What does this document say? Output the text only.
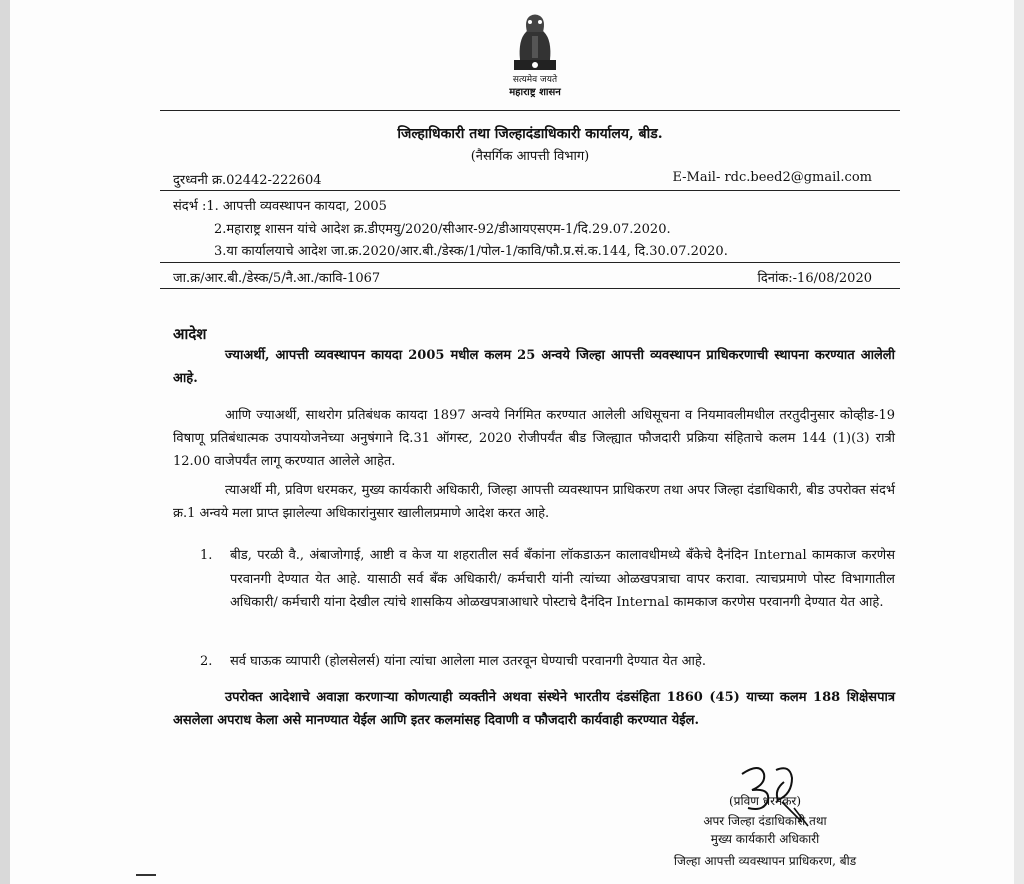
सत्यमेव जयते
महाराष्ट्र शासन
जिल्हाधिकारी तथा जिल्हादंडाधिकारी कार्यालय, बीड.
(नैसर्गिक आपत्ती विभाग)
दुरध्वनी क्र.02442-222604	E-Mail- rdc.beed2@gmail.com
संदर्भ :1. आपत्ती व्यवस्थापन कायदा, 2005
2.महाराष्ट्र शासन यांचे आदेश क्र.डीएमयु/2020/सीआर-92/डीआयएसएम-1/दि.29.07.2020.
3.या कार्यालयाचे आदेश जा.क्र.2020/आर.बी./डेस्क/1/पोल-1/कावि/फौ.प्र.सं.क.144, दि.30.07.2020.
जा.क्र/आर.बी./डेस्क/5/नै.आ./कावि-1067	दिनांक:-16/08/2020
आदेश
ज्याअर्थी, आपत्ती व्यवस्थापन कायदा 2005 मधील कलम 25 अन्वये जिल्हा आपत्ती व्यवस्थापन प्राधिकरणाची स्थापना करण्यात आलेली आहे.
आणि ज्याअर्थी, साथरोग प्रतिबंधक कायदा 1897 अन्वये निर्गमित करण्यात आलेली अधिसूचना व नियमावलीमधील तरतुदीनुसार कोव्हीड-19 विषाणू प्रतिबंधात्मक उपाययोजनेच्या अनुषंगाने दि.31 ऑगस्ट, 2020 रोजीपर्यंत बीड जिल्ह्यात फौजदारी प्रक्रिया संहिताचे कलम 144 (1)(3) रात्री 12.00 वाजेपर्यंत लागू करण्यात आलेले आहेत.
त्याअर्थी मी, प्रविण धरमकर, मुख्य कार्यकारी अधिकारी, जिल्हा आपत्ती व्यवस्थापन प्राधिकरण तथा अपर जिल्हा दंडाधिकारी, बीड उपरोक्त संदर्भ क्र.1 अन्वये मला प्राप्त झालेल्या अधिकारांनुसार खालीलप्रमाणे आदेश करत आहे.
1. बीड, परळी वै., अंबाजोगाई, आष्टी व केज या शहरातील सर्व बँकांना लॉकडाऊन कालावधीमध्ये बँकेचे दैनंदिन Internal कामकाज करणेस परवानगी देण्यात येत आहे. यासाठी सर्व बँक अधिकारी/ कर्मचारी यांनी त्यांच्या ओळखपत्राचा वापर करावा. त्याचप्रमाणे पोस्ट विभागातील अधिकारी/ कर्मचारी यांना देखील त्यांचे शासकिय ओळखपत्राआधारे पोस्टाचे दैनंदिन Internal कामकाज करणेस परवानगी देण्यात येत आहे.
2. सर्व घाऊक व्यापारी (होलसेलर्स) यांना त्यांचा आलेला माल उतरवून घेण्याची परवानगी देण्यात येत आहे.
उपरोक्त आदेशाचे अवाज्ञा करणाऱ्या कोणत्याही व्यक्तीने अथवा संस्थेने भारतीय दंडसंहिता 1860 (45) याच्या कलम 188 शिक्षेसपात्र असलेला अपराध केला असे मानण्यात येईल आणि इतर कलमांसह दिवाणी व फौजदारी कार्यवाही करण्यात येईल.
(प्रविण धरमकर)
अपर जिल्हा दंडाधिकारी तथा
मुख्य कार्यकारी अधिकारी
जिल्हा आपत्ती व्यवस्थापन प्राधिकरण, बीड
